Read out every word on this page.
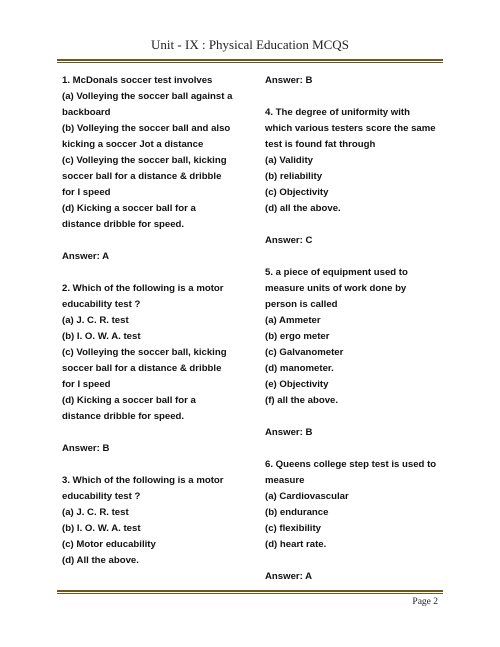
Unit - IX : Physical Education MCQS
1. McDonals soccer test involves
(a) Volleying the soccer ball against a
backboard
(b) Volleying the soccer ball and also
kicking a soccer Jot a distance
(c) Volleying the soccer ball, kicking
soccer ball for a distance & dribble
for I speed
(d) Kicking a soccer ball for a
distance dribble for speed.
Answer: A
2. Which of the following is a motor
educability test ?
(a) J. C. R. test
(b) I. O. W. A. test
(c) Volleying the soccer ball, kicking
soccer ball for a distance & dribble
for I speed
(d) Kicking a soccer ball for a
distance dribble for speed.
Answer: B
3. Which of the following is a motor
educability test ?
(a) J. C. R. test
(b) I. O. W. A. test
(c) Motor educability
(d) All the above.
Answer: B
4. The degree of uniformity with
which various testers score the same
test is found fat through
(a) Validity
(b) reliability
(c) Objectivity
(d) all the above.
Answer: C
5. a piece of equipment used to
measure units of work done by
person is called
(a) Ammeter
(b) ergo meter
(c) Galvanometer
(d) manometer.
(e) Objectivity
(f) all the above.
Answer: B
6. Queens college step test is used to
measure
(a) Cardiovascular
(b) endurance
(c) flexibility
(d) heart rate.
Answer: A
Page 2
